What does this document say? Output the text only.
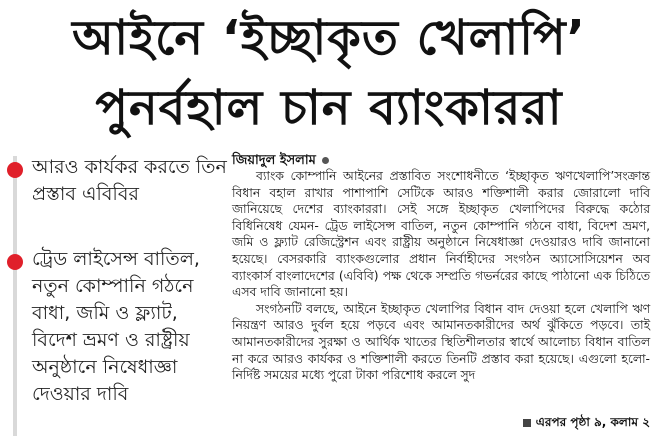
আইনে ‘ইচ্ছাকৃত খেলাপি’
পুনর্বহাল চান ব্যাংকাররা
আরও কার্যকর করতে তিন প্রস্তাব এবিবির
ট্রেড লাইসেন্স বাতিল, নতুন কোম্পানি গঠনে বাধা, জমি ও ফ্ল্যাট, বিদেশ ভ্রমণ ও রাষ্ট্রীয় অনুষ্ঠানে নিষেধাজ্ঞা দেওয়ার দাবি
জিয়াদুল ইসলাম

ব্যাংক কোম্পানি আইনের প্রস্তাবিত সংশোধনীতে ‘ইচ্ছাকৃত ঋণখেলাপি’সংক্রান্ত বিধান বহাল রাখার পাশাপাশি সেটিকে আরও শক্তিশালী করার জোরালো দাবি জানিয়েছে দেশের ব্যাংকাররা। সেই সঙ্গে ইচ্ছাকৃত খেলাপিদের বিরুদ্ধে কঠোর বিধিনিষেধ যেমন- ট্রেড লাইসেন্স বাতিল, নতুন কোম্পানি গঠনে বাধা, বিদেশ ভ্রমণ, জমি ও ফ্ল্যাট রেজিস্ট্রেশন এবং রাষ্ট্রীয় অনুষ্ঠানে নিষেধাজ্ঞা দেওয়ারও দাবি জানানো হয়েছে। বেসরকারি ব্যাংকগুলোর প্রধান নির্বাহীদের সংগঠন অ্যাসোসিয়েশন অব ব্যাংকার্স বাংলাদেশের (এবিবি) পক্ষ থেকে সম্প্রতি গভর্নরের কাছে পাঠানো এক চিঠিতে এসব দাবি জানানো হয়।

সংগঠনটি বলছে, আইনে ইচ্ছাকৃত খেলাপির বিধান বাদ দেওয়া হলে খেলাপি ঋণ নিয়ন্ত্রণ আরও দুর্বল হয়ে পড়বে এবং আমানতকারীদের অর্থ ঝুঁকিতে পড়বে। তাই আমানতকারীদের সুরক্ষা ও আর্থিক খাতের স্থিতিশীলতার স্বার্থে আলোচ্য বিধান বাতিল না করে আরও কার্যকর ও শক্তিশালী করতে তিনটি প্রস্তাব করা হয়েছে। এগুলো হলো- নির্দিষ্ট সময়ের মধ্যে পুরো টাকা পরিশোধ করলে সুদ

এরপর পৃষ্ঠা ৯, কলাম ২
